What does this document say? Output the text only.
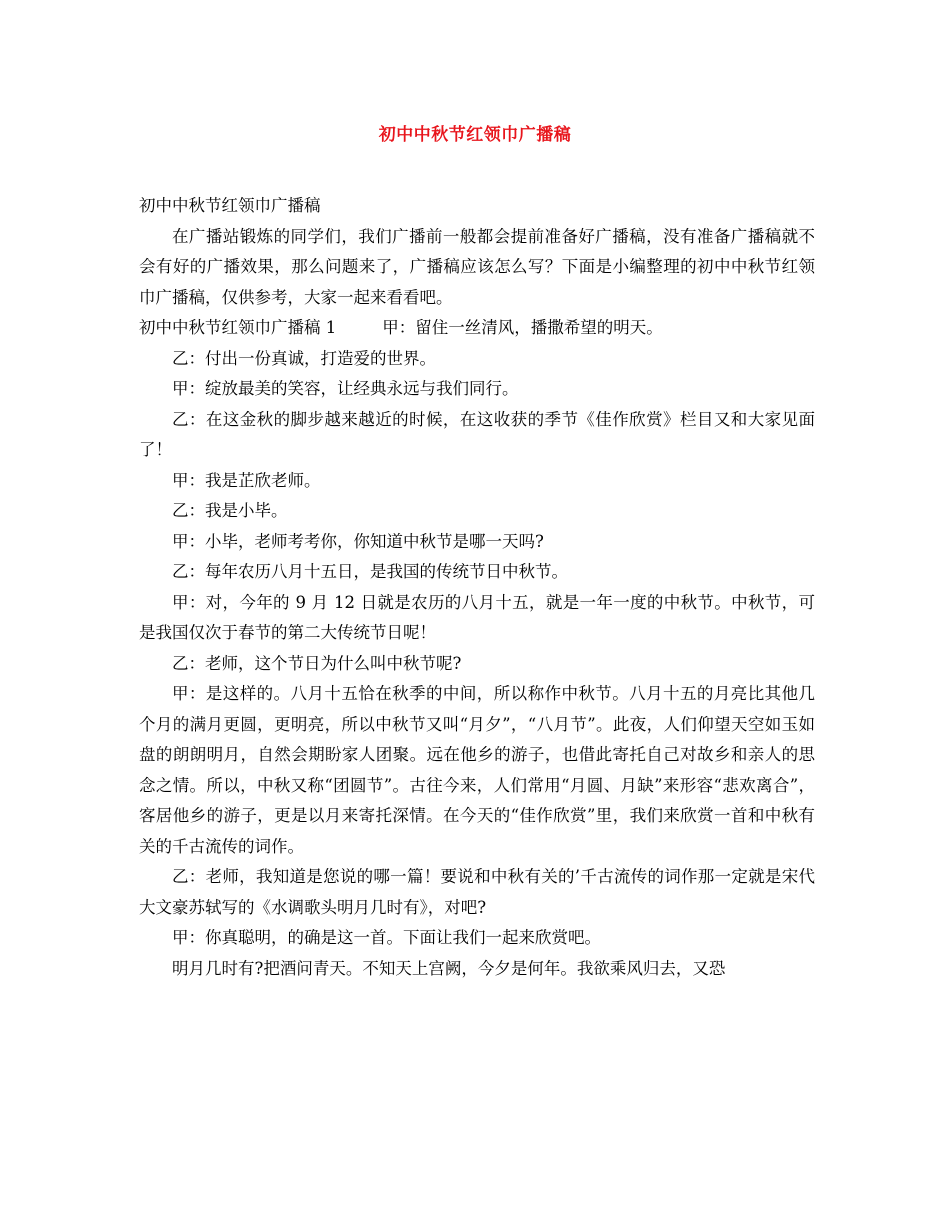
初中中秋节红领巾广播稿

初中中秋节红领巾广播稿

在广播站锻炼的同学们，我们广播前一般都会提前准备好广播稿，没有准备广播稿就不会有好的广播效果，那么问题来了，广播稿应该怎么写？下面是小编整理的初中中秋节红领巾广播稿，仅供参考，大家一起来看看吧。

初中中秋节红领巾广播稿 1	甲：留住一丝清风，播撒希望的明天。

乙：付出一份真诚，打造爱的世界。

甲：绽放最美的笑容，让经典永远与我们同行。

乙：在这金秋的脚步越来越近的时候，在这收获的季节《佳作欣赏》栏目又和大家见面了！

甲：我是芷欣老师。

乙：我是小毕。

甲：小毕，老师考考你，你知道中秋节是哪一天吗?

乙：每年农历八月十五日，是我国的传统节日中秋节。

甲：对，今年的 9 月 12 日就是农历的八月十五，就是一年一度的中秋节。中秋节，可是我国仅次于春节的第二大传统节日呢！

乙：老师，这个节日为什么叫中秋节呢?

甲：是这样的。八月十五恰在秋季的中间，所以称作中秋节。八月十五的月亮比其他几个月的满月更圆，更明亮，所以中秋节又叫“月夕”，“八月节”。此夜，人们仰望天空如玉如盘的朗朗明月，自然会期盼家人团聚。远在他乡的游子，也借此寄托自己对故乡和亲人的思念之情。所以，中秋又称“团圆节”。古往今来，人们常用“月圆、月缺”来形容“悲欢离合”，客居他乡的游子，更是以月来寄托深情。在今天的“佳作欣赏”里，我们来欣赏一首和中秋有关的千古流传的词作。

乙：老师，我知道是您说的哪一篇！要说和中秋有关的’千古流传的词作那一定就是宋代大文豪苏轼写的《水调歌头明月几时有》，对吧?

甲：你真聪明，的确是这一首。下面让我们一起来欣赏吧。

明月几时有?把酒问青天。不知天上宫阙，今夕是何年。我欲乘风归去，又恐
